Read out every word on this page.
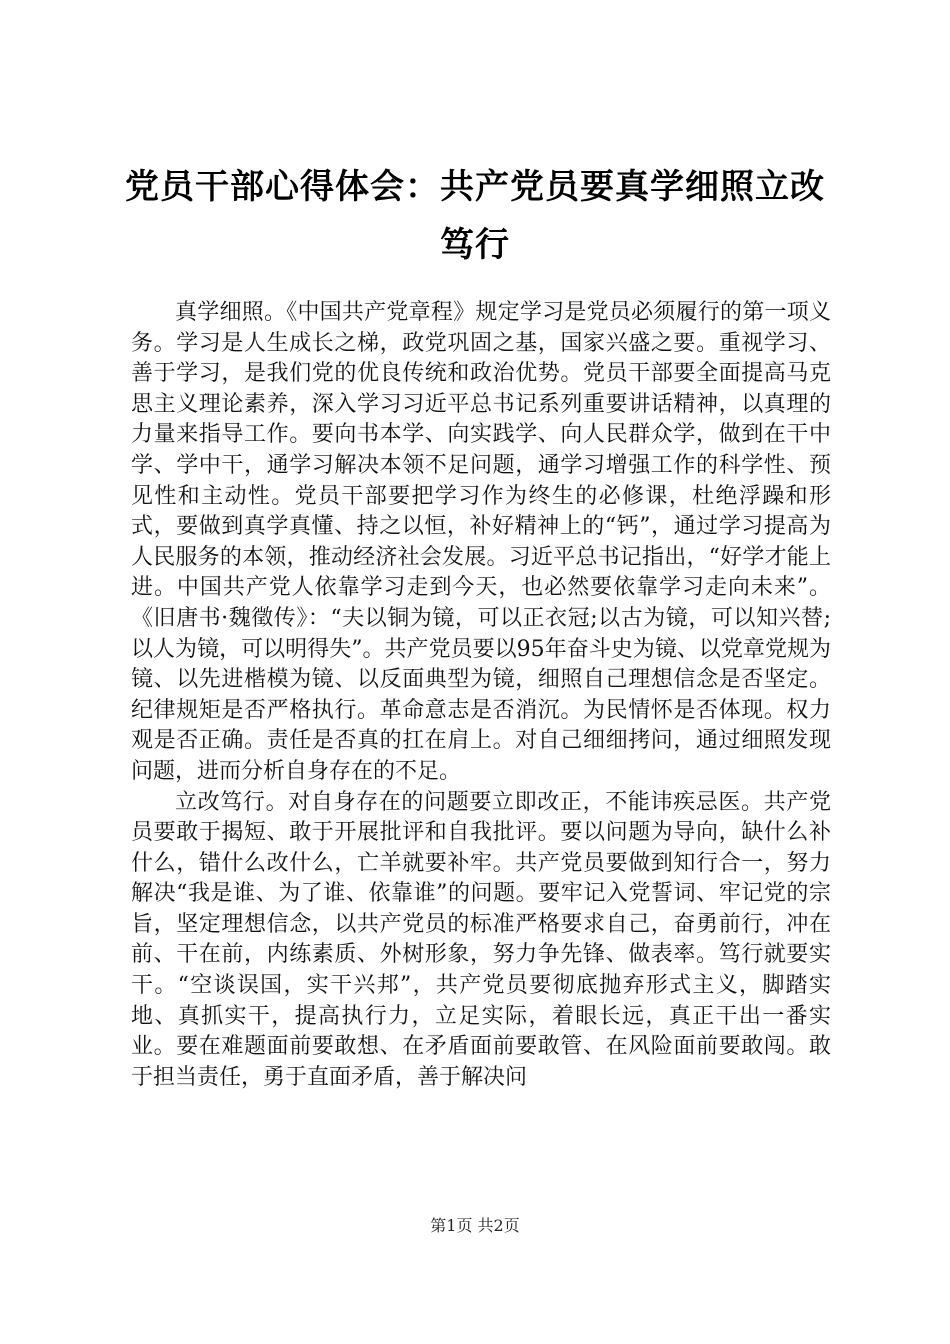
党员干部心得体会：共产党员要真学细照立改笃行

真学细照。《中国共产党章程》规定学习是党员必须履行的第一项义务。学习是人生成长之梯，政党巩固之基，国家兴盛之要。重视学习、善于学习，是我们党的优良传统和政治优势。党员干部要全面提高马克思主义理论素养，深入学习习近平总书记系列重要讲话精神，以真理的力量来指导工作。要向书本学、向实践学、向人民群众学，做到在干中学、学中干，通学习解决本领不足问题，通学习增强工作的科学性、预见性和主动性。党员干部要把学习作为终生的必修课，杜绝浮躁和形式，要做到真学真懂、持之以恒，补好精神上的“钙”，通过学习提高为人民服务的本领，推动经济社会发展。习近平总书记指出，“好学才能上进。中国共产党人依靠学习走到今天，也必然要依靠学习走向未来”。《旧唐书·魏徵传》：“夫以铜为镜，可以正衣冠;以古为镜，可以知兴替;以人为镜，可以明得失”。共产党员要以95年奋斗史为镜、以党章党规为镜、以先进楷模为镜、以反面典型为镜，细照自己理想信念是否坚定。纪律规矩是否严格执行。革命意志是否消沉。为民情怀是否体现。权力观是否正确。责任是否真的扛在肩上。对自己细细拷问，通过细照发现问题，进而分析自身存在的不足。

立改笃行。对自身存在的问题要立即改正，不能讳疾忌医。共产党员要敢于揭短、敢于开展批评和自我批评。要以问题为导向，缺什么补什么，错什么改什么，亡羊就要补牢。共产党员要做到知行合一，努力解决“我是谁、为了谁、依靠谁”的问题。要牢记入党誓词、牢记党的宗旨，坚定理想信念，以共产党员的标准严格要求自己，奋勇前行，冲在前、干在前，内练素质、外树形象，努力争先锋、做表率。笃行就要实干。“空谈误国，实干兴邦”，共产党员要彻底抛弃形式主义，脚踏实地、真抓实干，提高执行力，立足实际，着眼长远，真正干出一番实业。要在难题面前要敢想、在矛盾面前要敢管、在风险面前要敢闯。敢于担当责任，勇于直面矛盾，善于解决问

第1页 共2页
